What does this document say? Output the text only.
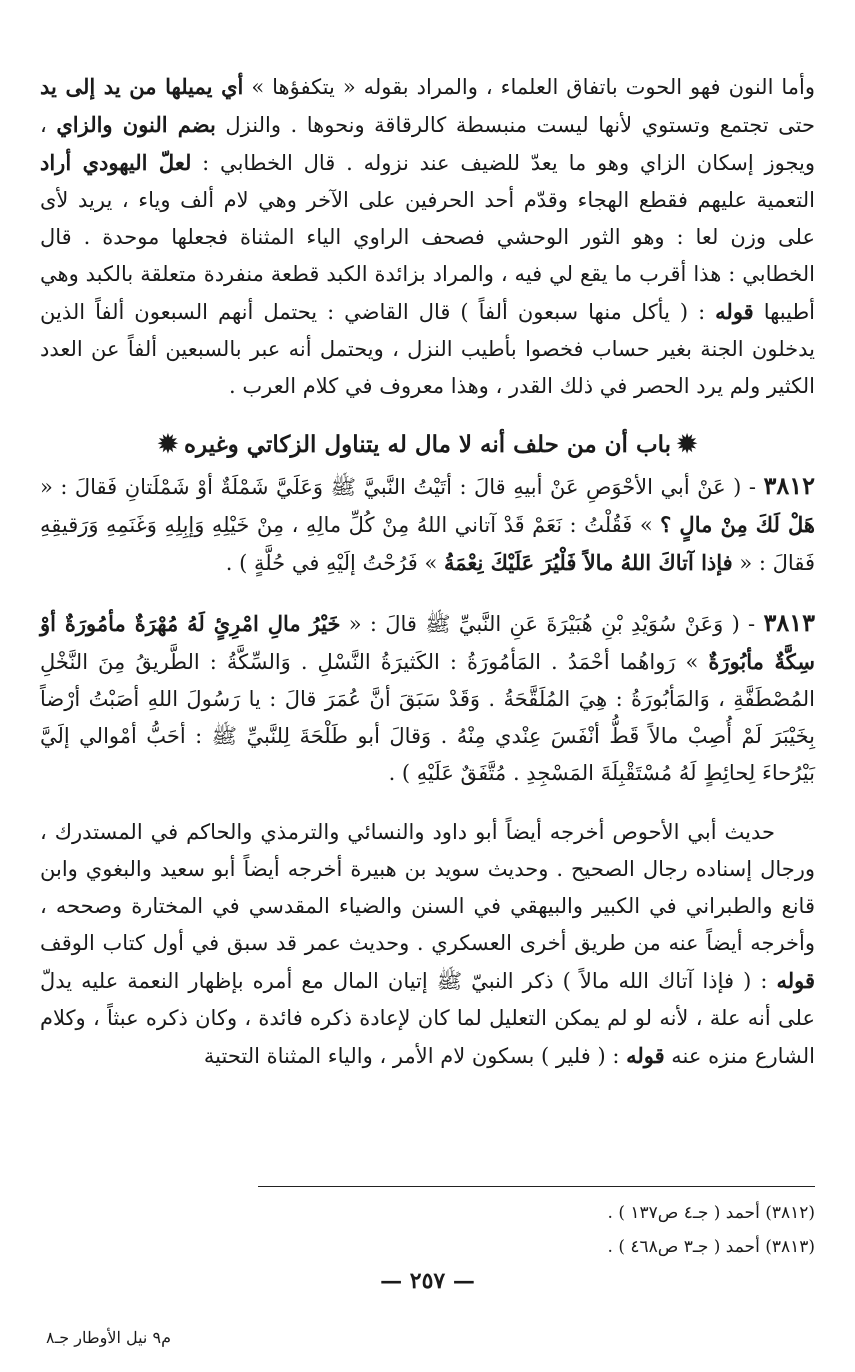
وأما النون فهو الحوت باتفاق العلماء ، والمراد بقوله « يتكفؤها » أي يميلها من يد إلى يد حتى تجتمع وتستوي لأنها ليست منبسطة كالرقاقة ونحوها . والنزل بضم النون والزاي ، ويجوز إسكان الزاي وهو ما يعدّ للضيف عند نزوله . قال الخطابي : لعلّ اليهودي أراد التعمية عليهم فقطع الهجاء وقدّم أحد الحرفين على الآخر وهي لام ألف وياء ، يريد لأى على وزن لعا : وهو الثور الوحشي فصحف الراوي الياء المثناة فجعلها موحدة . قال الخطابي : هذا أقرب ما يقع لي فيه ، والمراد بزائدة الكبد قطعة منفردة متعلقة بالكبد وهي أطيبها قوله : ( يأكل منها سبعون ألفاً ) قال القاضي : يحتمل أنهم السبعون ألفاً الذين يدخلون الجنة بغير حساب فخصوا بأطيب النزل ، ويحتمل أنه عبر بالسبعين ألفاً عن العدد الكثير ولم يرد الحصر في ذلك القدر ، وهذا معروف في كلام العرب .

✹باب أن من حلف أنه لا مال له يتناول الزكاتي وغيره✹

٣٨١٢ - ( عَنْ أبي الأحْوَصِ عَنْ أبيهِ قالَ : أتَيْتُ النَّبيَّ ﷺ وَعَلَيَّ شَمْلَةٌ أوْ شَمْلَتانِ فَقالَ : « هَلْ لَكَ مِنْ مالٍ ؟ » فَقُلْتُ : نَعَمْ قَدْ آتاني اللهُ مِنْ كُلِّ مالِهِ ، مِنْ خَيْلِهِ وَإبِلِهِ وَغَنَمِهِ وَرَقيقِهِ فَقالَ : « فإذا آتاكَ اللهُ مالاً فَلْيُرَ عَلَيْكَ نِعْمَةُ » فَرُحْتُ إلَيْهِ في حُلَّةٍ ) .

٣٨١٣ - ( وَعَنْ سُوَيْدِ بْنِ هُبَيْرَةَ عَنِ النَّبيِّ ﷺ قالَ : « خَيْرُ مالِ امْرِئٍ لَهُ مُهْرَةٌ مأمُورَةٌ أوْ سِكَّةٌ مأبُورَةٌ » رَواهُما أحْمَدُ . المَأمُورَةُ : الكَثيرَةُ النَّسْلِ . وَالسِّكَّةُ : الطَّريقُ مِنَ النَّخْلِ المُصْطَفَّةِ ، وَالمَأبُورَةُ : هِيَ المُلَقَّحَةُ . وَقَدْ سَبَقَ أنَّ عُمَرَ قالَ : يا رَسُولَ اللهِ أصَبْتُ أرْضاً بِخَيْبَرَ لَمْ أُصِبْ مالاً قَطُّ أنْفَسَ عِنْدي مِنْهُ . وَقالَ أبو طَلْحَةَ لِلنَّبيِّ ﷺ : أحَبُّ أمْوالي إلَيَّ بَيْرُحاءَ لِحائِطٍ لَهُ مُسْتَقْبِلَةَ المَسْجِدِ . مُتَّفَقٌ عَلَيْهِ ) .

حديث أبي الأحوص أخرجه أيضاً أبو داود والنسائي والترمذي والحاكم في المستدرك ، ورجال إسناده رجال الصحيح . وحديث سويد بن هبيرة أخرجه أيضاً أبو سعيد والبغوي وابن قانع والطبراني في الكبير والبيهقي في السنن والضياء المقدسي في المختارة وصححه ، وأخرجه أيضاً عنه من طريق أخرى العسكري . وحديث عمر قد سبق في أول كتاب الوقف قوله : ( فإذا آتاك الله مالاً ) ذكر النبيّ ﷺ إتيان المال مع أمره بإظهار النعمة عليه يدلّ على أنه علة ، لأنه لو لم يمكن التعليل لما كان لإعادة ذكره فائدة ، وكان ذكره عبثاً ، وكلام الشارع منزه عنه قوله : ( فلير ) بسكون لام الأمر ، والياء المثناة التحتية

(٣٨١٢) أحمد ( جـ٤ ص١٣٧ ) .
(٣٨١٣) أحمد ( جـ٣ ص٤٦٨ ) .
— ٢٥٧ —
م٩ نيل الأوطار جـ٨
